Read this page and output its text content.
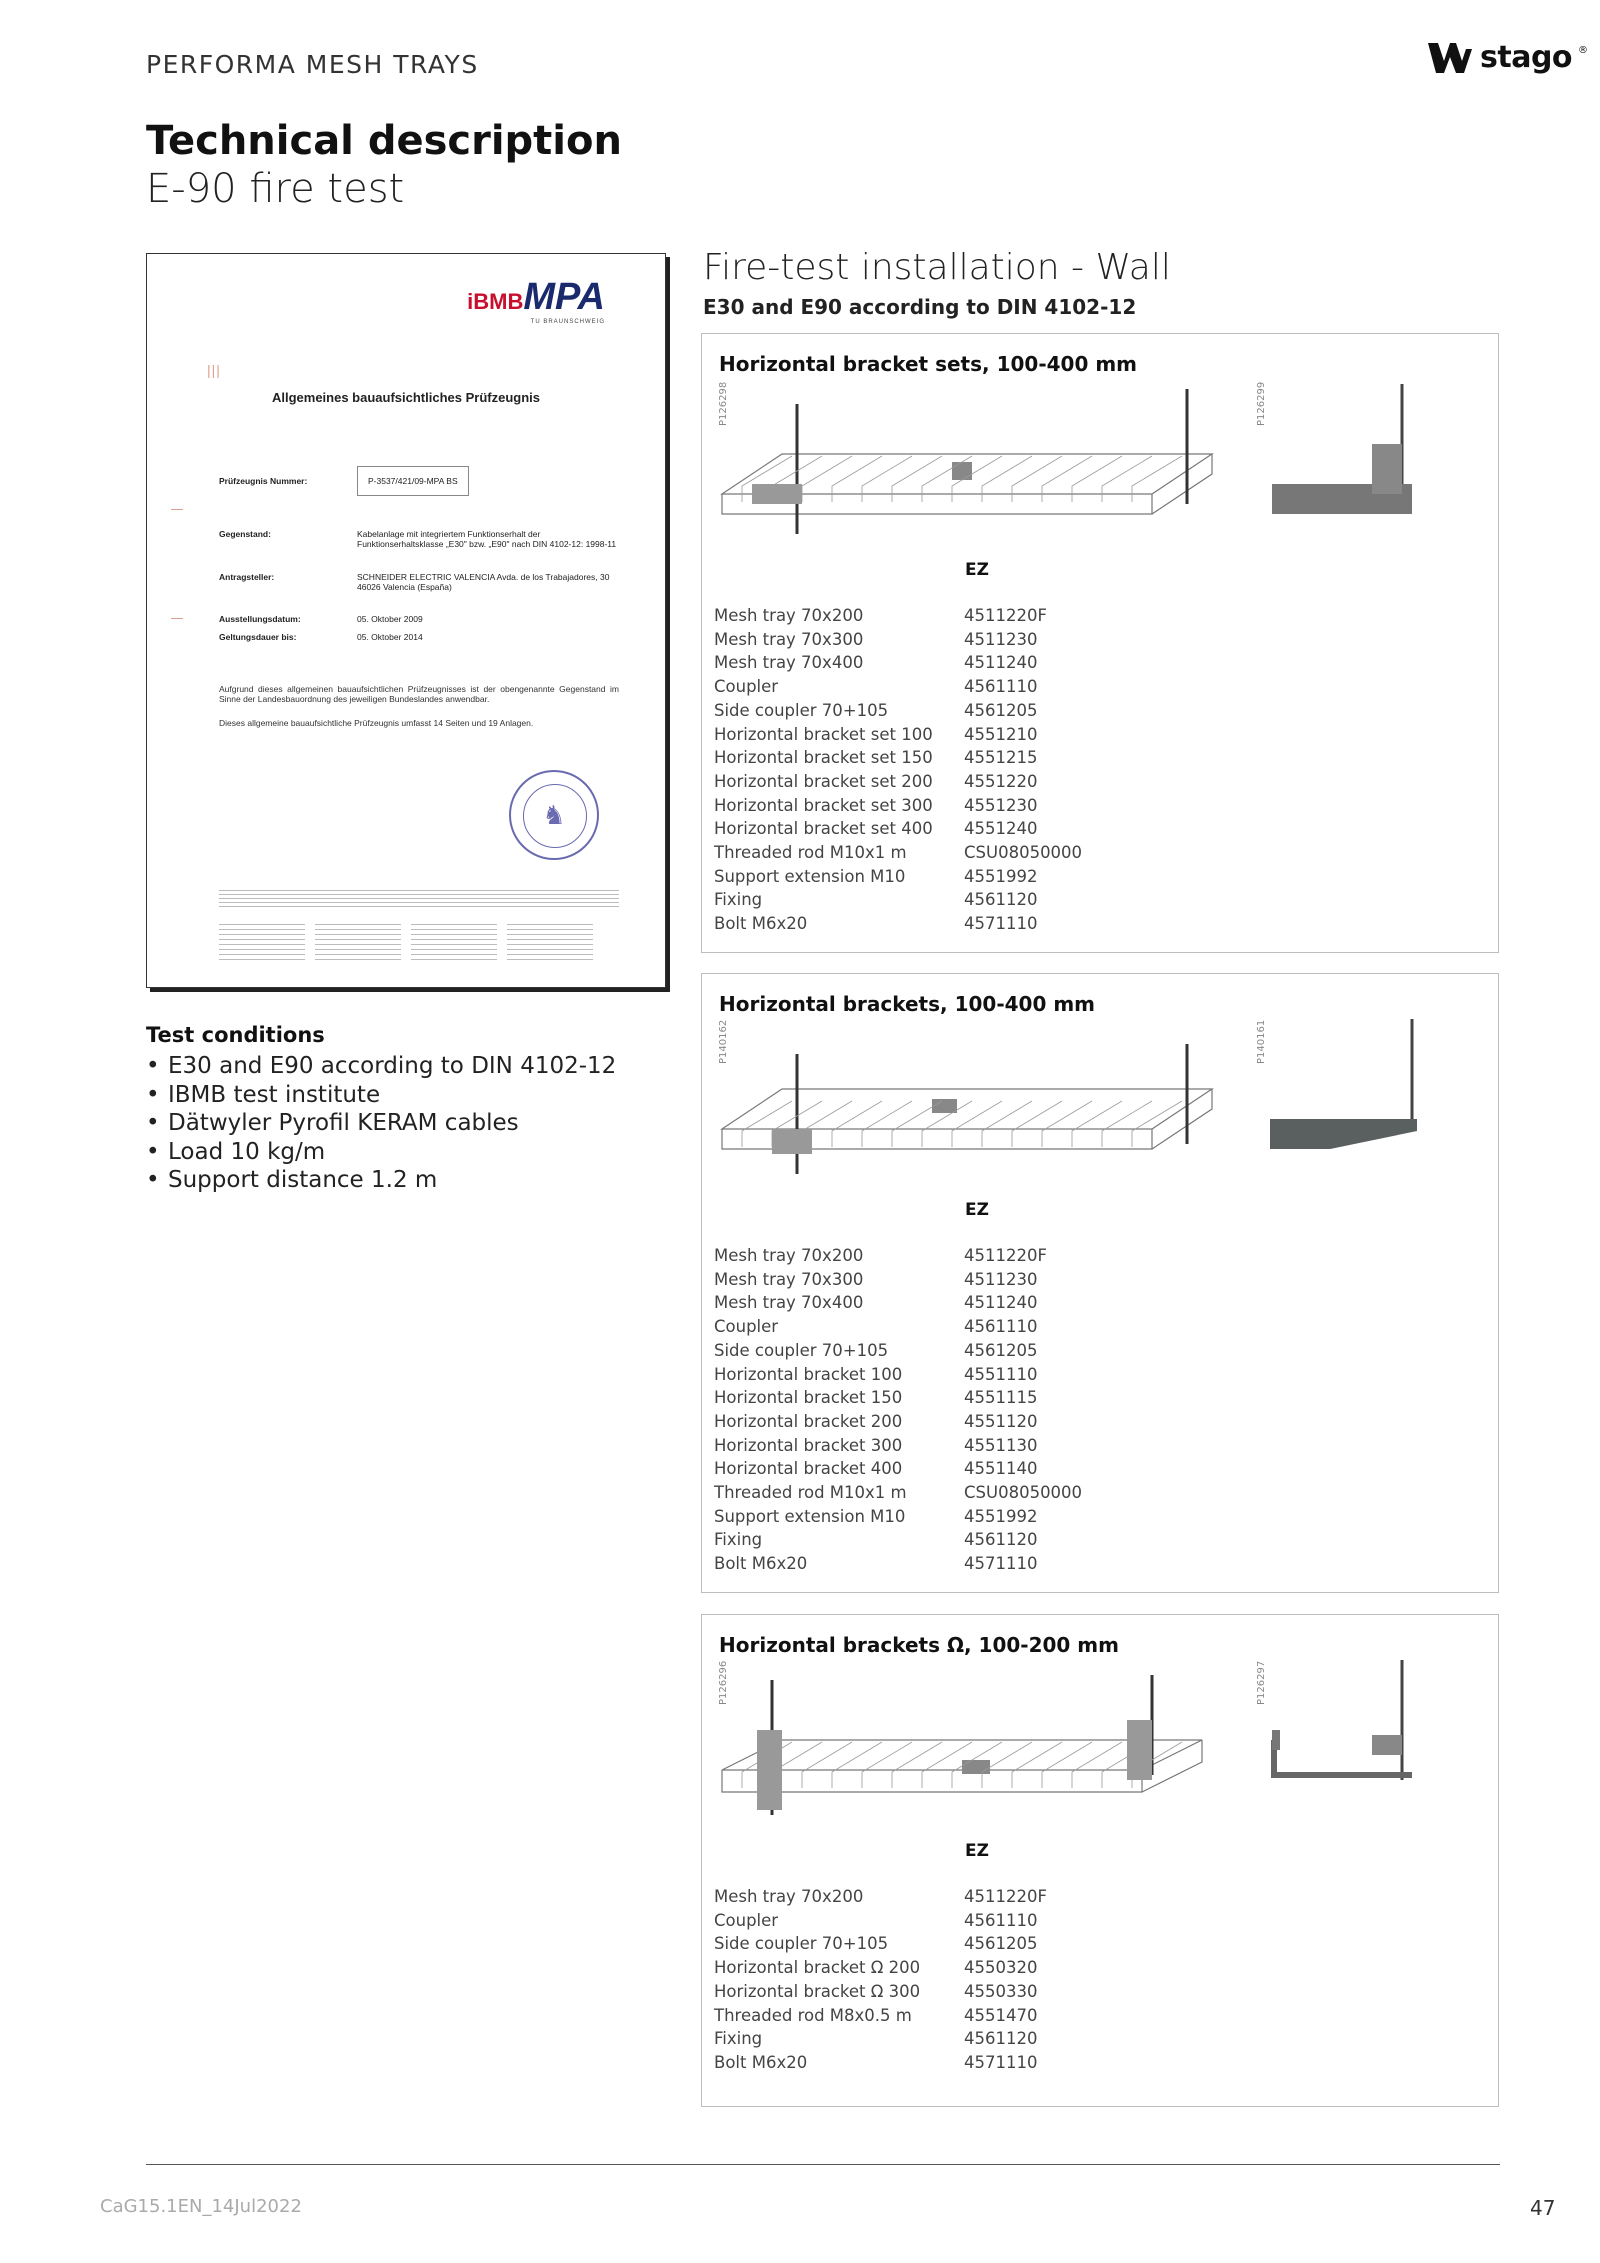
PERFORMA MESH TRAYS	stago ®
Technical description
E-90 fire test
iBMBMPA
TU BRAUNSCHWEIG
|||
Allgemeines bauaufsichtliches Prüfzeugnis
Prüfzeugnis Nummer:	P-3537/421/09-MPA BS
Gegenstand:	Kabelanlage mit integriertem Funktionserhalt der Funktionserhaltsklasse „E30" bzw. „E90" nach DIN 4102-12: 1998-11
Antragsteller:	SCHNEIDER ELECTRIC VALENCIA Avda. de los Trabajadores, 30 46026 Valencia (España)
Ausstellungsdatum:	05. Oktober 2009
Geltungsdauer bis:	05. Oktober 2014
Aufgrund dieses allgemeinen bauaufsichtlichen Prüfzeugnisses ist der obengenannte Gegenstand im Sinne der Landesbauordnung des jeweiligen Bundeslandes anwendbar.
Dieses allgemeine bauaufsichtliche Prüfzeugnis umfasst 14 Seiten und 19 Anlagen.
♞
Test conditions
• E30 and E90 according to DIN 4102-12
• IBMB test institute
• Dätwyler Pyrofil KERAM cables
• Load 10 kg/m
• Support distance 1.2 m
Fire-test installation - Wall
E30 and E90 according to DIN 4102-12
Horizontal bracket sets, 100-400 mm
P126298	P126299
EZ
Mesh tray 70x200	4511220F
Mesh tray 70x300	4511230
Mesh tray 70x400	4511240
Coupler	4561110
Side coupler 70+105	4561205
Horizontal bracket set 100	4551210
Horizontal bracket set 150	4551215
Horizontal bracket set 200	4551220
Horizontal bracket set 300	4551230
Horizontal bracket set 400	4551240
Threaded rod M10x1 m	CSU08050000
Support extension M10	4551992
Fixing	4561120
Bolt M6x20	4571110
Horizontal brackets, 100-400 mm
P140162	P140161
EZ
Mesh tray 70x200	4511220F
Mesh tray 70x300	4511230
Mesh tray 70x400	4511240
Coupler	4561110
Side coupler 70+105	4561205
Horizontal bracket 100	4551110
Horizontal bracket 150	4551115
Horizontal bracket 200	4551120
Horizontal bracket 300	4551130
Horizontal bracket 400	4551140
Threaded rod M10x1 m	CSU08050000
Support extension M10	4551992
Fixing	4561120
Bolt M6x20	4571110
Horizontal brackets Ω, 100-200 mm
P126296	P126297
EZ
Mesh tray 70x200	4511220F
Coupler	4561110
Side coupler 70+105	4561205
Horizontal bracket Ω 200	4550320
Horizontal bracket Ω 300	4550330
Threaded rod M8x0.5 m	4551470
Fixing	4561120
Bolt M6x20	4571110
CaG15.1EN_14Jul2022	47
